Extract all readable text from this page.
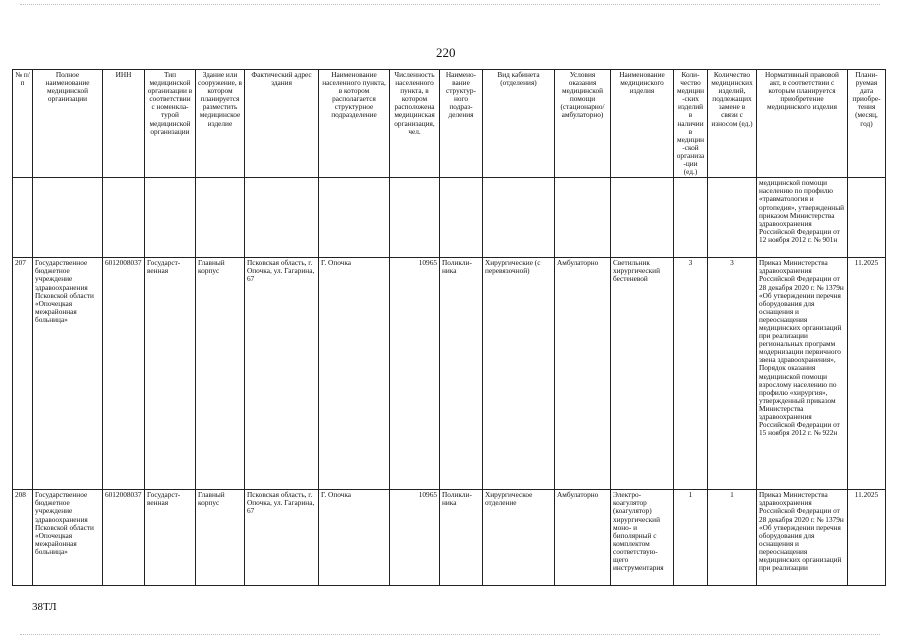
220
№ п/п	Полное наименование медицинской организации	ИНН	Тип медицинской организации в соответствии с номенкла-турой медицинской организации	Здание или сооружение, в котором планируется разместить медицинское изделие	Фактический адрес здания	Наименование населенного пункта, в котором располагается структурное подразделение	Численность населенного пункта, в котором расположена медицинская организация, чел.	Наимено-вание структур-ного подраз-деления	Вид кабинета (отделения)	Условия оказания медицинской помощи (стационарно/ амбулаторно)	Наименование медицинского изделия	Коли-чество медицин-ских изделий в наличии в медицин-ской организа-ции (ед.)	Количество медицинских изделий, подлежащих замене в связи с износом (ед.)	Нормативный правовой акт, в соответствии с которым планируется приобретение медицинского изделия	Плани-руемая дата приобре-тения (месяц, год)
														медицинской помощи населению по профилю «травматология и ортопедия», утвержденный приказом Министерства здравоохранения Российской Федерации от 12 ноября 2012 г. № 901н	
207	Государственное бюджетное учреждение здравоохранения Псковской области «Опочецкая межрайонная больница»	6012008037	Государст-венная	Главный корпус	Псковская область, г. Опочка, ул. Гагарина, 67	Г. Опочка	10965	Поликли-ника	Хирургические (с перевязочной)	Амбулаторно	Светильник хирургический бестеневой	3	3	Приказ Министерства здравоохранения Российской Федерации от 28 декабря 2020 г. № 1379н «Об утверждении перечня оборудования для оснащения и переоснащения медицинских организаций при реализации региональных программ модернизации первичного звена здравоохранения», Порядок оказания медицинской помощи взрослому населению по профилю «хирургия», утвержденный приказом Министерства здравоохранения Российской Федерации от 15 ноября 2012 г. № 922н	11.2025
208	Государственное бюджетное учреждение здравоохранения Псковской области «Опочецкая межрайонная больница»	6012008037	Государст-венная	Главный корпус	Псковская область, г. Опочка, ул. Гагарина, 67	Г. Опочка	10965	Поликли-ника	Хирургическое отделение	Амбулаторно	Электро-коагулятор (коагулятор) хирургический моно- и биполярный с комплектом соответствую-щего инструментария	1	1	Приказ Министерства здравоохранения Российской Федерации от 28 декабря 2020 г. № 1379н «Об утверждении перечня оборудования для оснащения и переоснащения медицинских организаций при реализации	11.2025
38ТЛ
